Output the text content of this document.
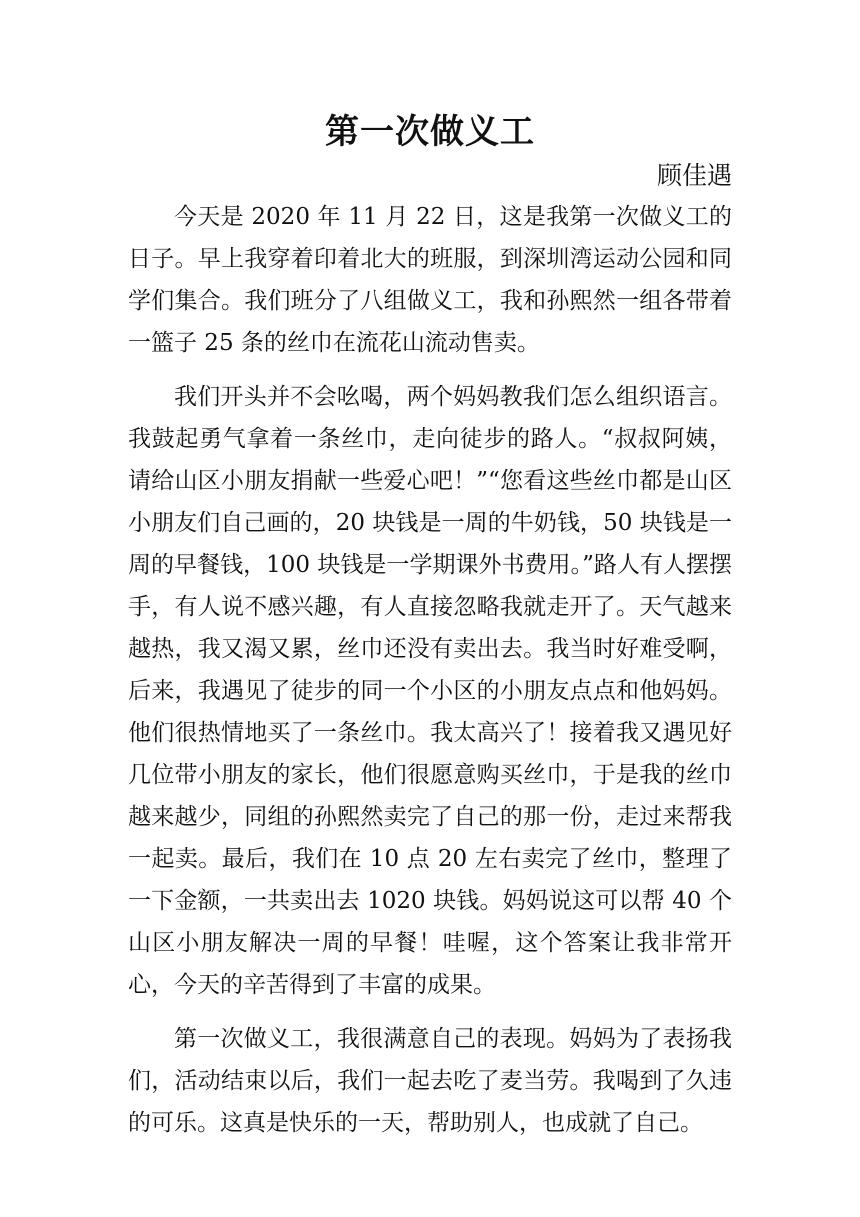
第一次做义工

顾佳遇

今天是 2020 年 11 月 22 日，这是我第一次做义工的日子。早上我穿着印着北大的班服，到深圳湾运动公园和同学们集合。我们班分了八组做义工，我和孙熙然一组各带着一篮子 25 条的丝巾在流花山流动售卖。

我们开头并不会吆喝，两个妈妈教我们怎么组织语言。我鼓起勇气拿着一条丝巾，走向徒步的路人。“叔叔阿姨，请给山区小朋友捐献一些爱心吧！”“您看这些丝巾都是山区小朋友们自己画的，20 块钱是一周的牛奶钱，50 块钱是一周的早餐钱，100 块钱是一学期课外书费用。”路人有人摆摆手，有人说不感兴趣，有人直接忽略我就走开了。天气越来越热，我又渴又累，丝巾还没有卖出去。我当时好难受啊，后来，我遇见了徒步的同一个小区的小朋友点点和他妈妈。他们很热情地买了一条丝巾。我太高兴了！接着我又遇见好几位带小朋友的家长，他们很愿意购买丝巾，于是我的丝巾越来越少，同组的孙熙然卖完了自己的那一份，走过来帮我一起卖。最后，我们在 10 点 20 左右卖完了丝巾，整理了一下金额，一共卖出去 1020 块钱。妈妈说这可以帮 40 个山区小朋友解决一周的早餐！哇喔，这个答案让我非常开心，今天的辛苦得到了丰富的成果。

第一次做义工，我很满意自己的表现。妈妈为了表扬我们，活动结束以后，我们一起去吃了麦当劳。我喝到了久违的可乐。这真是快乐的一天，帮助别人，也成就了自己。
